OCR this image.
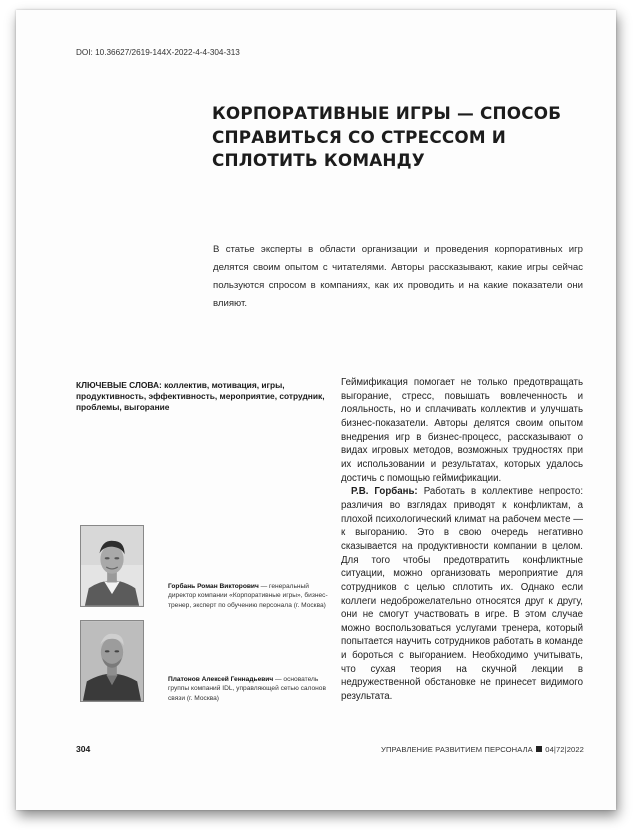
DOI: 10.36627/2619-144X-2022-4-4-304-313
КОРПОРАТИВНЫЕ ИГРЫ — СПОСОБ СПРАВИТЬСЯ СО СТРЕССОМ И СПЛОТИТЬ КОМАНДУ

В статье эксперты в области организации и проведения корпоративных игр делятся своим опытом с читателями. Авторы рассказывают, какие игры сейчас пользуются спросом в компаниях, как их проводить и на какие показатели они влияют.

КЛЮЧЕВЫЕ СЛОВА: коллектив, мотивация, игры, продуктивность, эффективность, мероприятие, сотрудник, проблемы, выгорание

Горбань Роман Викторович — генеральный директор компании «Корпоративные игры», бизнес-тренер, эксперт по обучению персонала (г. Москва)

Платонов Алексей Геннадьевич — основатель группы компаний IDL, управляющей сетью салонов связи (г. Москва)

Геймификация помогает не только предотвращать выгорание, стресс, повышать вовлеченность и лояльность, но и сплачивать коллектив и улучшать бизнес-показатели. Авторы делятся своим опытом внедрения игр в бизнес-процесс, рассказывают о видах игровых методов, возможных трудностях при их использовании и результатах, которых удалось достичь с помощью геймификации.

Р.В. Горбань: Работать в коллективе непросто: различия во взглядах приводят к конфликтам, а плохой психологический климат на рабочем месте — к выгоранию. Это в свою очередь негативно сказывается на продуктивности компании в целом. Для того чтобы предотвратить конфликтные ситуации, можно организовать мероприятие для сотрудников с целью сплотить их. Однако если коллеги недоброжелательно относятся друг к другу, они не смогут участвовать в игре. В этом случае можно воспользоваться услугами тренера, который попытается научить сотрудников работать в команде и бороться с выгоранием. Необходимо учитывать, что сухая теория на скучной лекции в недружественной обстановке не принесет видимого результата.

304	УПРАВЛЕНИЕ РАЗВИТИЕМ ПЕРСОНАЛА 04|72|2022
